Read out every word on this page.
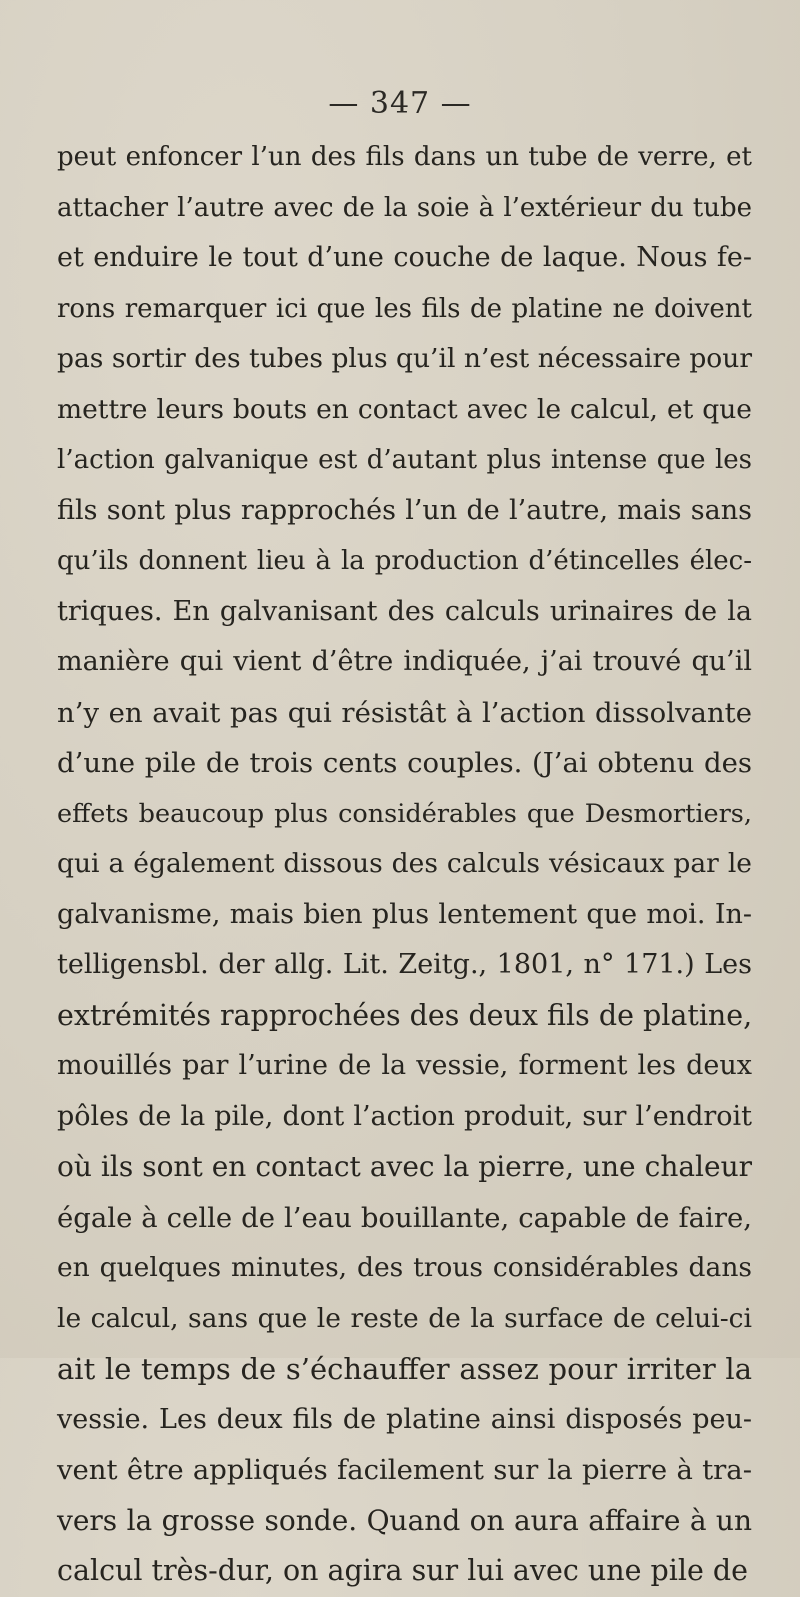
— 347 —
peut enfoncer l’un des fils dans un tube de verre, et
attacher l’autre avec de la soie à l’extérieur du tube
et enduire le tout d’une couche de laque. Nous fe-
rons remarquer ici que les fils de platine ne doivent
pas sortir des tubes plus qu’il n’est nécessaire pour
mettre leurs bouts en contact avec le calcul, et que
l’action galvanique est d’autant plus intense que les
fils sont plus rapprochés l’un de l’autre, mais sans
qu’ils donnent lieu à la production d’étincelles élec-
triques. En galvanisant des calculs urinaires de la
manière qui vient d’être indiquée, j’ai trouvé qu’il
n’y en avait pas qui résistât à l’action dissolvante
d’une pile de trois cents couples. (J’ai obtenu des
effets beaucoup plus considérables que Desmortiers,
qui a également dissous des calculs vésicaux par le
galvanisme, mais bien plus lentement que moi. In-
telligensbl. der allg. Lit. Zeitg., 1801, n° 171.) Les
extrémités rapprochées des deux fils de platine,
mouillés par l’urine de la vessie, forment les deux
pôles de la pile, dont l’action produit, sur l’endroit
où ils sont en contact avec la pierre, une chaleur
égale à celle de l’eau bouillante, capable de faire,
en quelques minutes, des trous considérables dans
le calcul, sans que le reste de la surface de celui-ci
ait le temps de s’échauffer assez pour irriter la
vessie. Les deux fils de platine ainsi disposés peu-
vent être appliqués facilement sur la pierre à tra-
vers la grosse sonde. Quand on aura affaire à un
calcul très-dur, on agira sur lui avec une pile de
